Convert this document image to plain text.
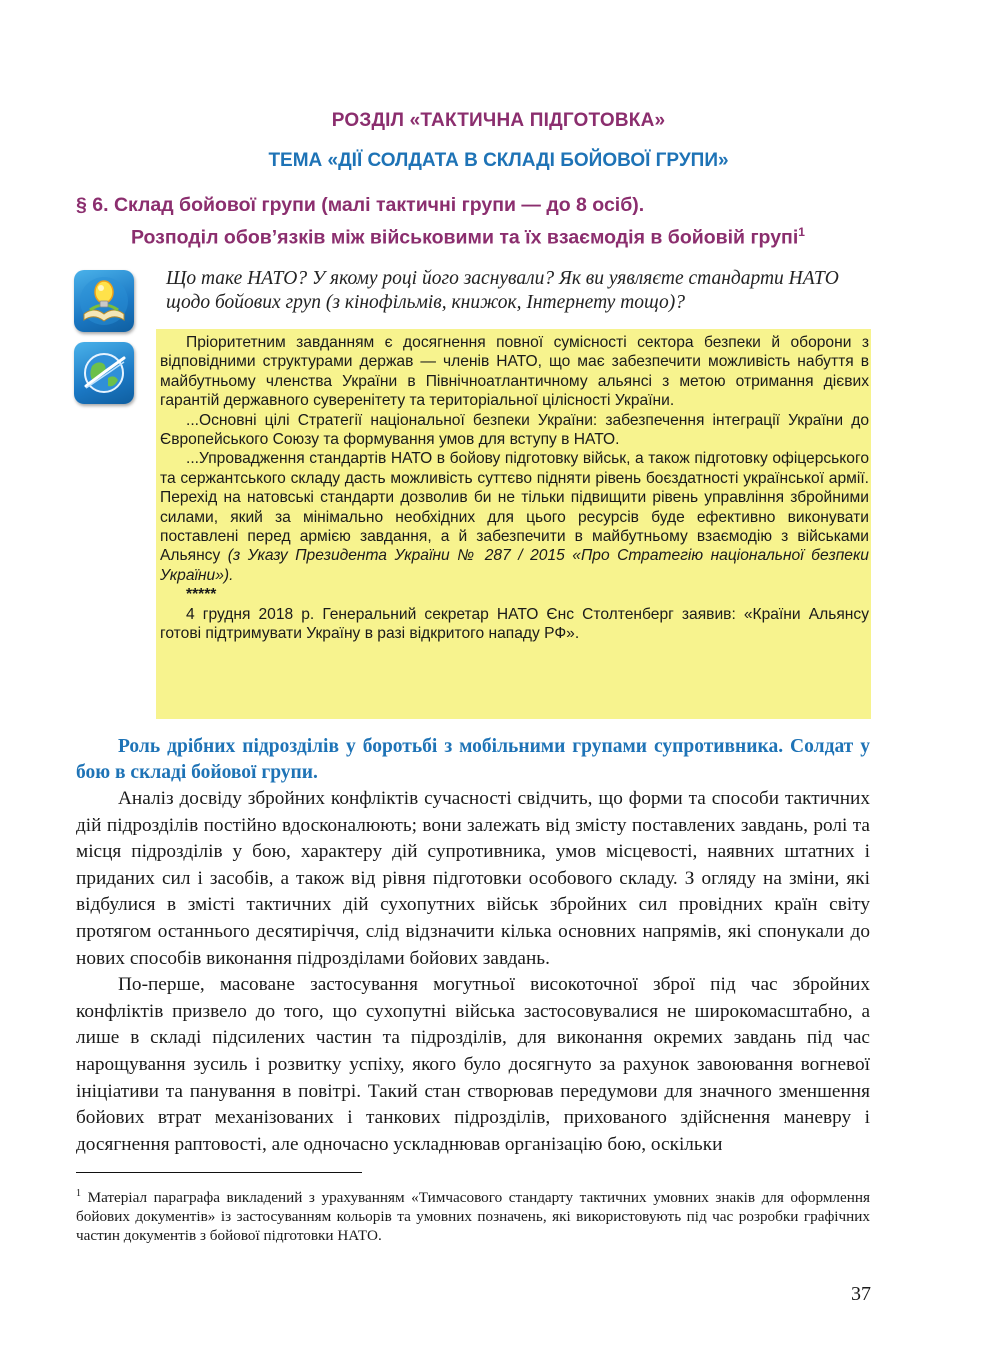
РОЗДІЛ «ТАКТИЧНА ПІДГОТОВКА»
ТЕМА «ДІЇ СОЛДАТА В СКЛАДІ БОЙОВОЇ ГРУПИ»
§ 6. Склад бойової групи (малі тактичні групи — до 8 осіб).
Розподіл обов’язків між військовими та їх взаємодія в бойовій групі$^1$
Що таке НАТО? У якому році його заснували? Як ви уявляєте стандарти НАТО щодо бойових груп (з кінофільмів, книжок, Інтернету тощо)?

Пріоритетним завданням є досягнення повної сумісності сектора безпеки й оборони з відповідними структурами держав — членів НАТО, що має забезпечити можливість набуття в майбутньому членства України в Північноатлантичному альянсі з метою отримання дієвих гарантій державного суверенітету та територіальної цілісності України.

...Основні цілі Стратегії національної безпеки України: забезпечення інтеграції України до Європейського Союзу та формування умов для вступу в НАТО.

...Упровадження стандартів НАТО в бойову підготовку військ, а також підготовку офіцерського та сержантського складу дасть можливість суттєво підняти рівень боєздатності української армії. Перехід на натовські стандарти дозволив би не тільки підвищити рівень управління збройними силами, який за мінімально необхідних для цього ресурсів буде ефективно виконувати поставлені перед армією завдання, а й забезпечити в майбутньому взаємодію з військами Альянсу (з Указу Президента України № 287 / 2015 «Про Стратегію національної безпеки України»).

*****

4 грудня 2018 р. Генеральний секретар НАТО Єнс Столтенберг заявив: «Країни Альянсу готові підтримувати Україну в разі відкритого нападу РФ».

Роль дрібних підрозділів у боротьбі з мобільними групами супротивника. Солдат у бою в складі бойової групи.

Аналіз досвіду збройних конфліктів сучасності свідчить, що форми та способи тактичних дій підрозділів постійно вдосконалюють; вони залежать від змісту поставлених завдань, ролі та місця підрозділів у бою, характеру дій супротивника, умов місцевості, наявних штатних і приданих сил і засобів, а також від рівня підготовки особового складу. З огляду на зміни, які відбулися в змісті тактичних дій сухопутних військ збройних сил провідних країн світу протягом останнього десятиріччя, слід відзначити кілька основних напрямів, які спонукали до нових способів виконання підрозділами бойових завдань.

По-перше, масоване застосування могутньої високоточної зброї під час збройних конфліктів призвело до того, що сухопутні війська застосовувалися не широкомасштабно, а лише в складі підсилених частин та підрозділів, для виконання окремих завдань під час нарощування зусиль і розвитку успіху, якого було досягнуто за рахунок завоювання вогневої ініціативи та панування в повітрі. Такий стан створював передумови для значного зменшення бойових втрат механізованих і танкових підрозділів, прихованого здійснення маневру і досягнення раптовості, але одночасно ускладнював організацію бою, оскільки

$^1$ Матеріал параграфа викладений з урахуванням «Тимчасового стандарту тактичних умовних знаків для оформлення бойових документів» із застосуванням кольорів та умовних позначень, які використовують під час розробки графічних частин документів з бойової підготовки НАТО.
37
